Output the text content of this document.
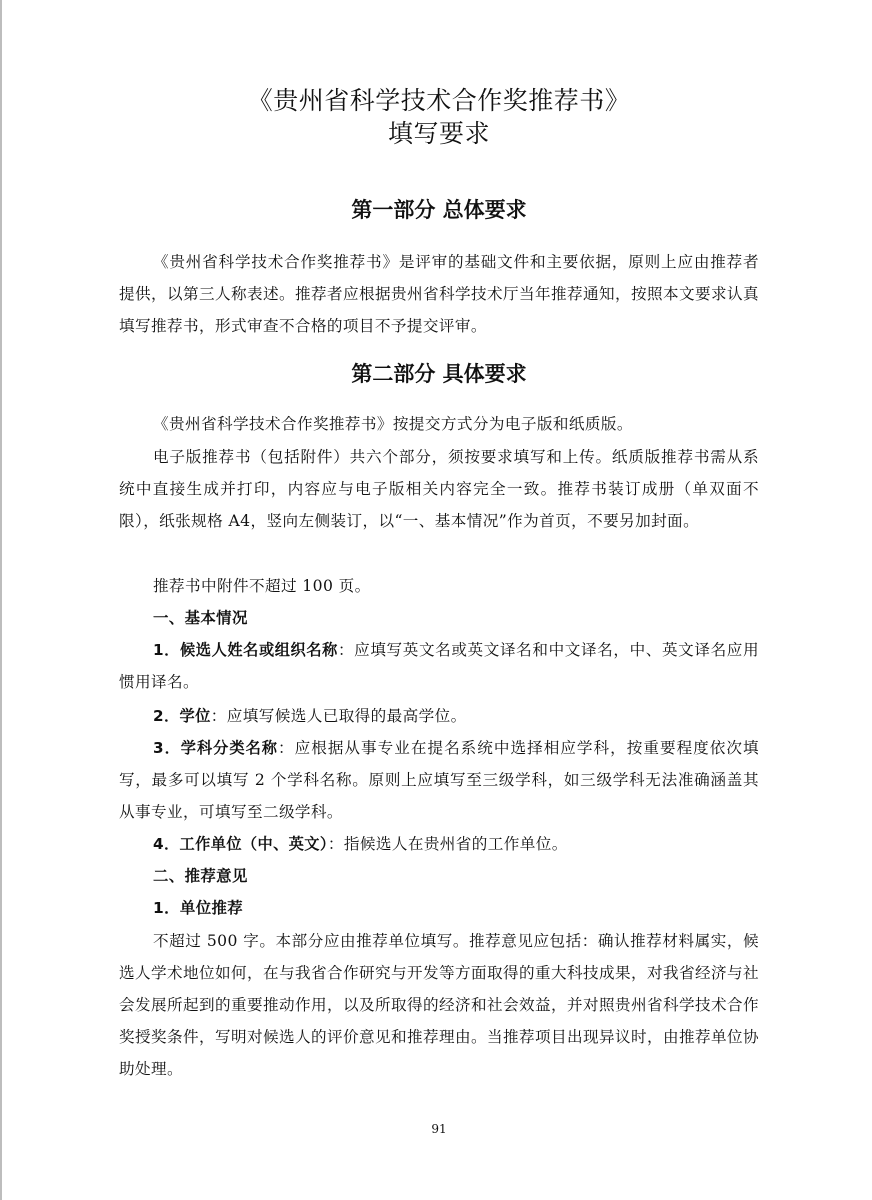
《贵州省科学技术合作奖推荐书》
填写要求
第一部分 总体要求
《贵州省科学技术合作奖推荐书》是评审的基础文件和主要依据，原则上应由推荐者提供，以第三人称表述。推荐者应根据贵州省科学技术厅当年推荐通知，按照本文要求认真填写推荐书，形式审查不合格的项目不予提交评审。
第二部分 具体要求
《贵州省科学技术合作奖推荐书》按提交方式分为电子版和纸质版。
电子版推荐书（包括附件）共六个部分，须按要求填写和上传。纸质版推荐书需从系统中直接生成并打印，内容应与电子版相关内容完全一致。推荐书装订成册（单双面不限），纸张规格 A4，竖向左侧装订，以“一、基本情况”作为首页，不要另加封面。
推荐书中附件不超过 100 页。
一、基本情况
1．候选人姓名或组织名称：应填写英文名或英文译名和中文译名，中、英文译名应用惯用译名。
2．学位：应填写候选人已取得的最高学位。
3．学科分类名称：应根据从事专业在提名系统中选择相应学科，按重要程度依次填写，最多可以填写 2 个学科名称。原则上应填写至三级学科，如三级学科无法准确涵盖其从事专业，可填写至二级学科。
4．工作单位（中、英文）：指候选人在贵州省的工作单位。
二、推荐意见
1．单位推荐
不超过 500 字。本部分应由推荐单位填写。推荐意见应包括：确认推荐材料属实，候选人学术地位如何，在与我省合作研究与开发等方面取得的重大科技成果，对我省经济与社会发展所起到的重要推动作用，以及所取得的经济和社会效益，并对照贵州省科学技术合作奖授奖条件，写明对候选人的评价意见和推荐理由。当推荐项目出现异议时，由推荐单位协助处理。
91
